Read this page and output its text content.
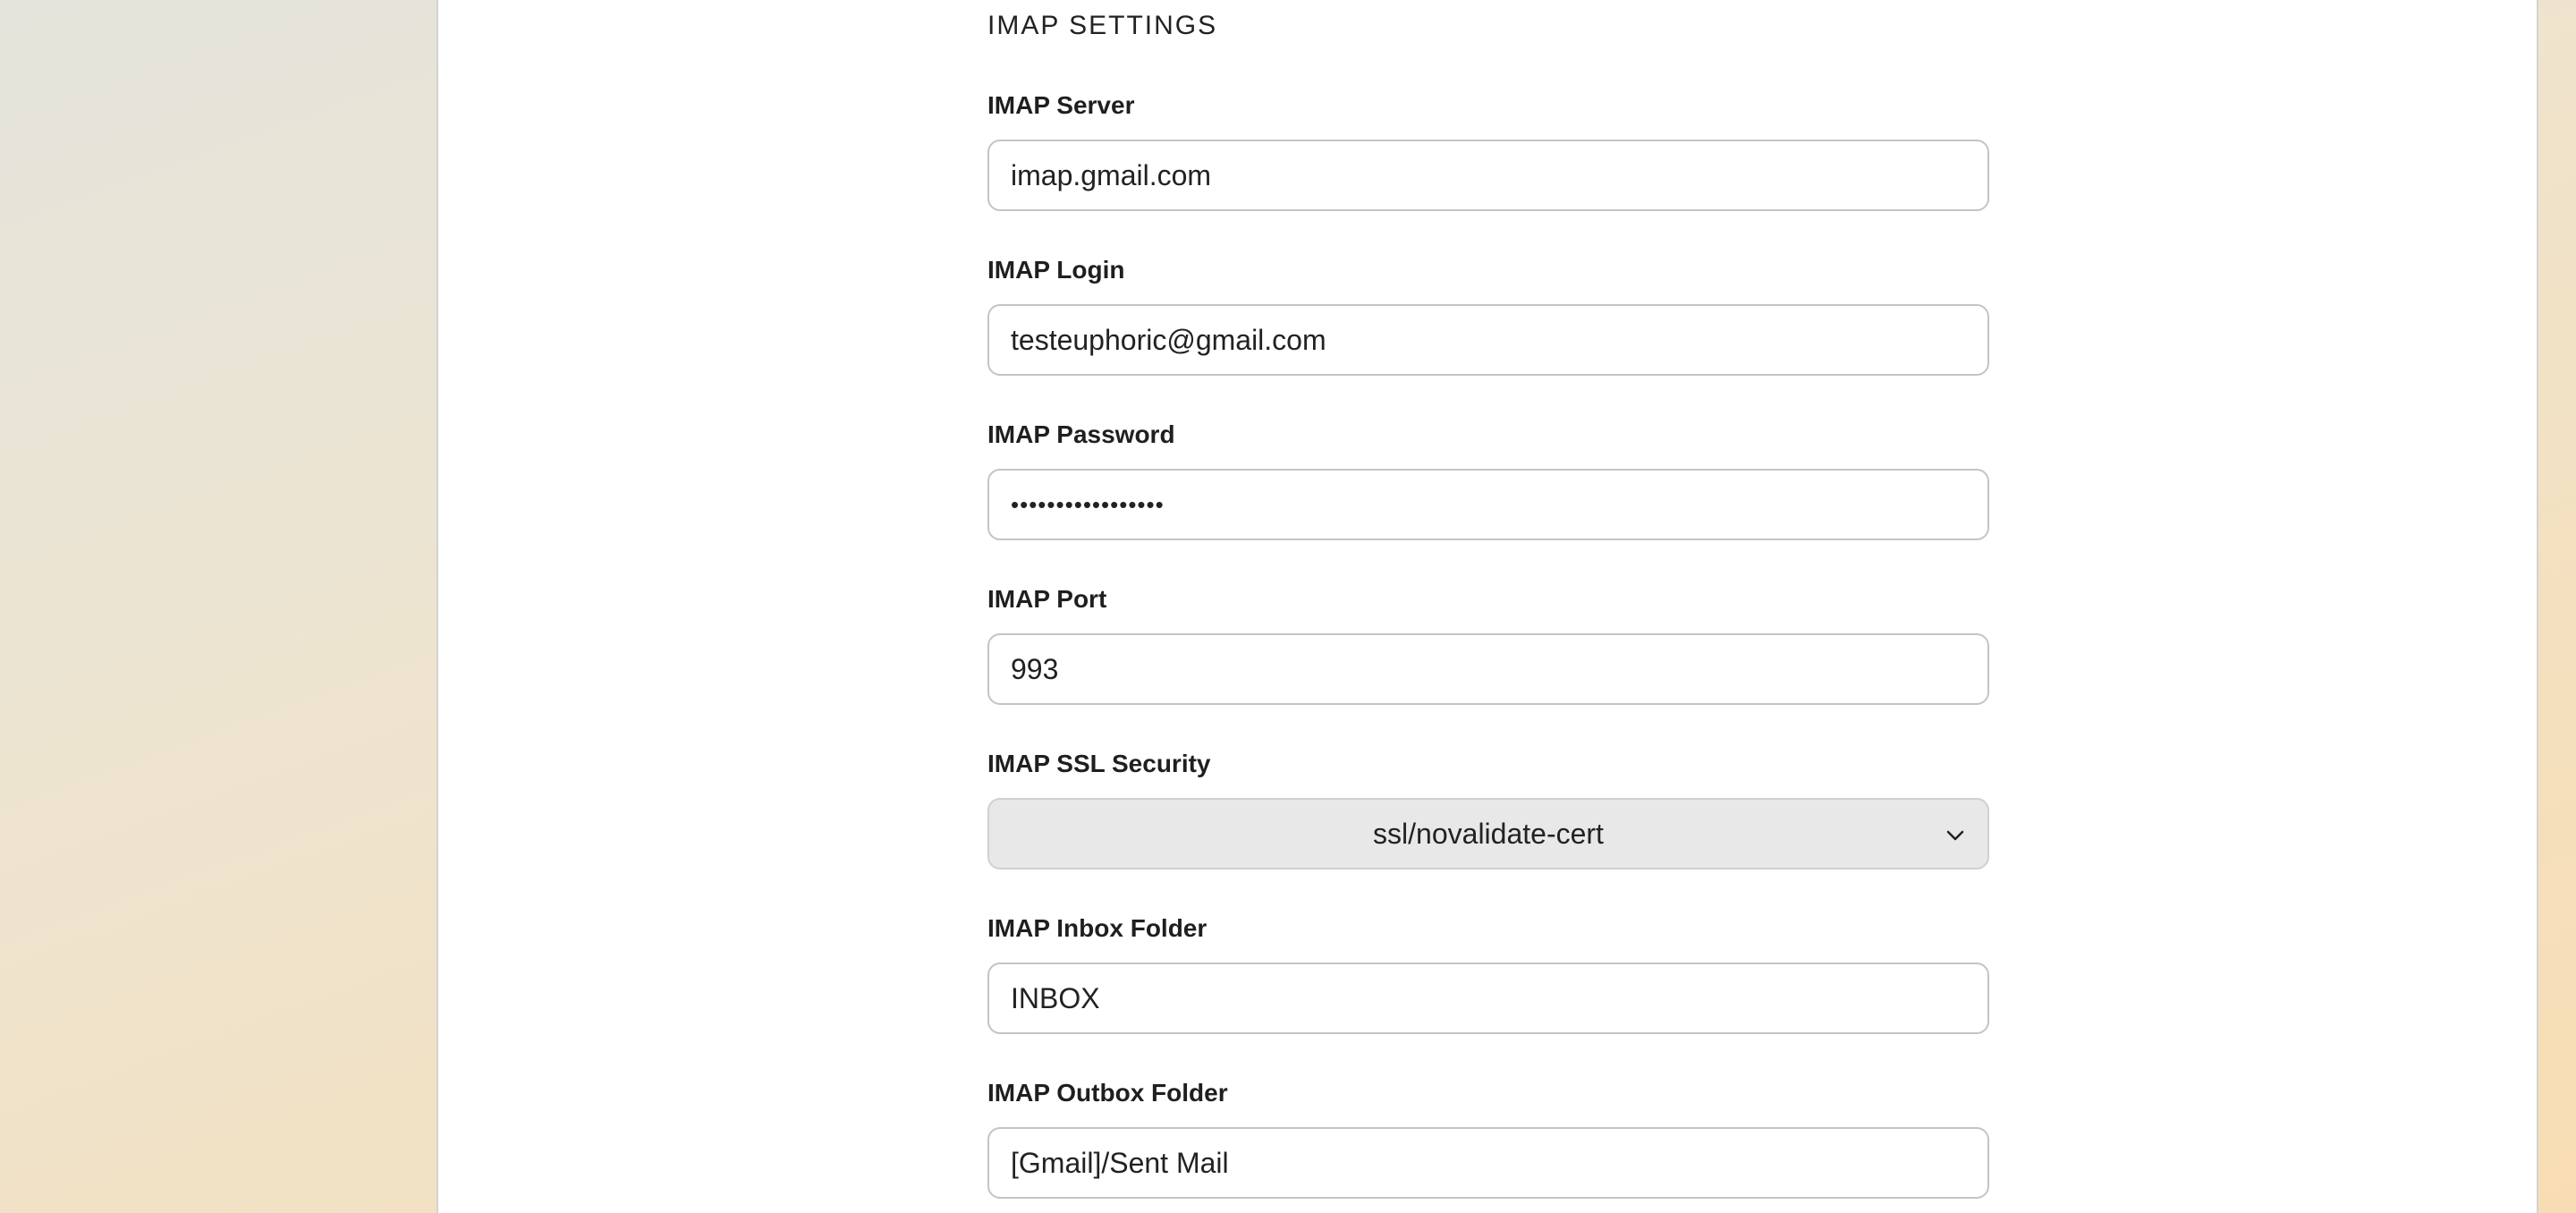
IMAP SETTINGS
IMAP Server
imap.gmail.com
IMAP Login
testeuphoric@gmail.com
IMAP Password
•••••••••••••••••
IMAP Port
993
IMAP SSL Security
ssl/novalidate-cert
IMAP Inbox Folder
INBOX
IMAP Outbox Folder
[Gmail]/Sent Mail
